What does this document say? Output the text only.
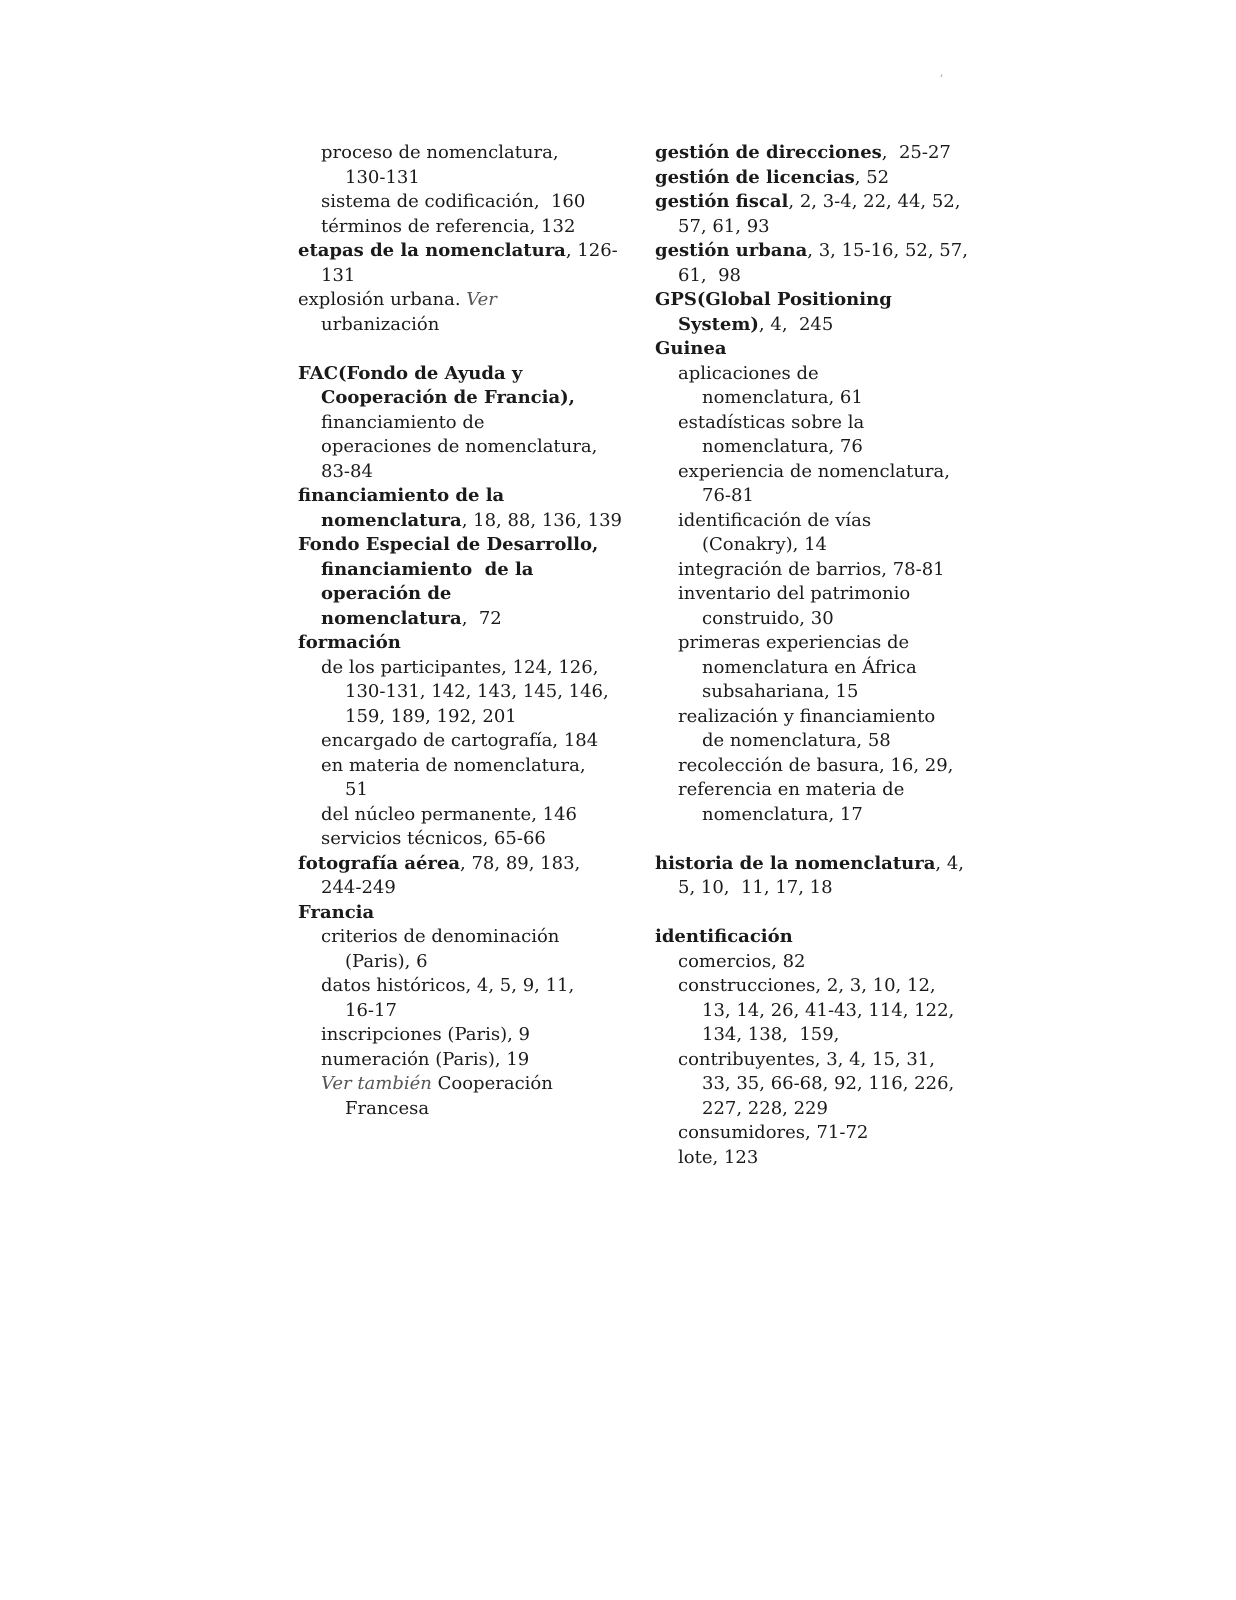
,
proceso de nomenclatura,
130-131
sistema de codificación,  160
términos de referencia, 132
etapas de la nomenclatura, 126-
131
explosión urbana. Ver
urbanización
FAC(Fondo de Ayuda y
Cooperación de Francia),
financiamiento de
operaciones de nomenclatura,
83-84
financiamiento de la
nomenclatura, 18, 88, 136, 139
Fondo Especial de Desarrollo,
financiamiento  de la
operación de
nomenclatura,  72
formación
de los participantes, 124, 126,
130-131, 142, 143, 145, 146,
159, 189, 192, 201
encargado de cartografía, 184
en materia de nomenclatura,
51
del núcleo permanente, 146
servicios técnicos, 65-66
fotografía aérea, 78, 89, 183,
244-249
Francia
criterios de denominación
(Paris), 6
datos históricos, 4, 5, 9, 11,
16-17
inscripciones (Paris), 9
numeración (Paris), 19
Ver también Cooperación
Francesa
gestión de direcciones,  25-27
gestión de licencias, 52
gestión fiscal, 2, 3-4, 22, 44, 52,
57, 61, 93
gestión urbana, 3, 15-16, 52, 57,
61,  98
GPS(Global Positioning
System), 4,  245
Guinea
aplicaciones de
nomenclatura, 61
estadísticas sobre la
nomenclatura, 76
experiencia de nomenclatura,
76-81
identificación de vías
(Conakry), 14
integración de barrios, 78-81
inventario del patrimonio
construido, 30
primeras experiencias de
nomenclatura en África
subsahariana, 15
realización y financiamiento
de nomenclatura, 58
recolección de basura, 16, 29,
referencia en materia de
nomenclatura, 17
historia de la nomenclatura, 4,
5, 10,  11, 17, 18
identificación
comercios, 82
construcciones, 2, 3, 10, 12,
13, 14, 26, 41-43, 114, 122,
134, 138,  159,
contribuyentes, 3, 4, 15, 31,
33, 35, 66-68, 92, 116, 226,
227, 228, 229
consumidores, 71-72
lote, 123
